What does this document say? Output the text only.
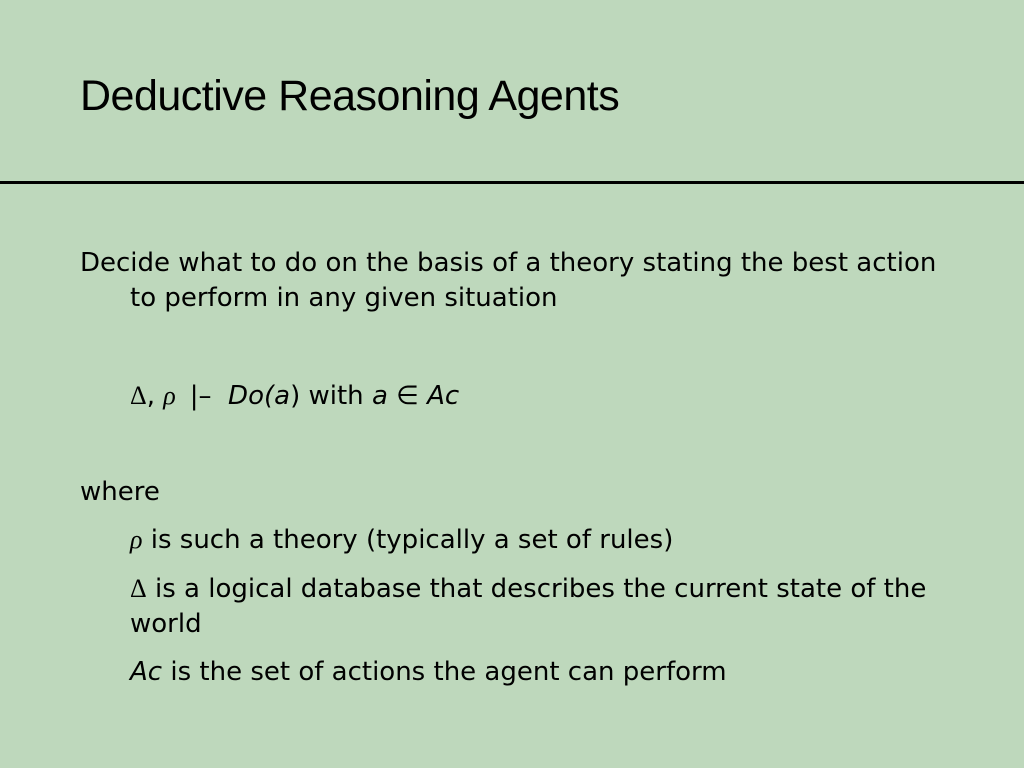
Deductive Reasoning Agents
Decide what to do on the basis of a theory stating the best action to perform in any given situation
Δ, ρ |– Do(a) with a ∈ Ac
where
ρ is such a theory (typically a set of rules)
Δ is a logical database that describes the current state of the world
Ac is the set of actions the agent can perform
